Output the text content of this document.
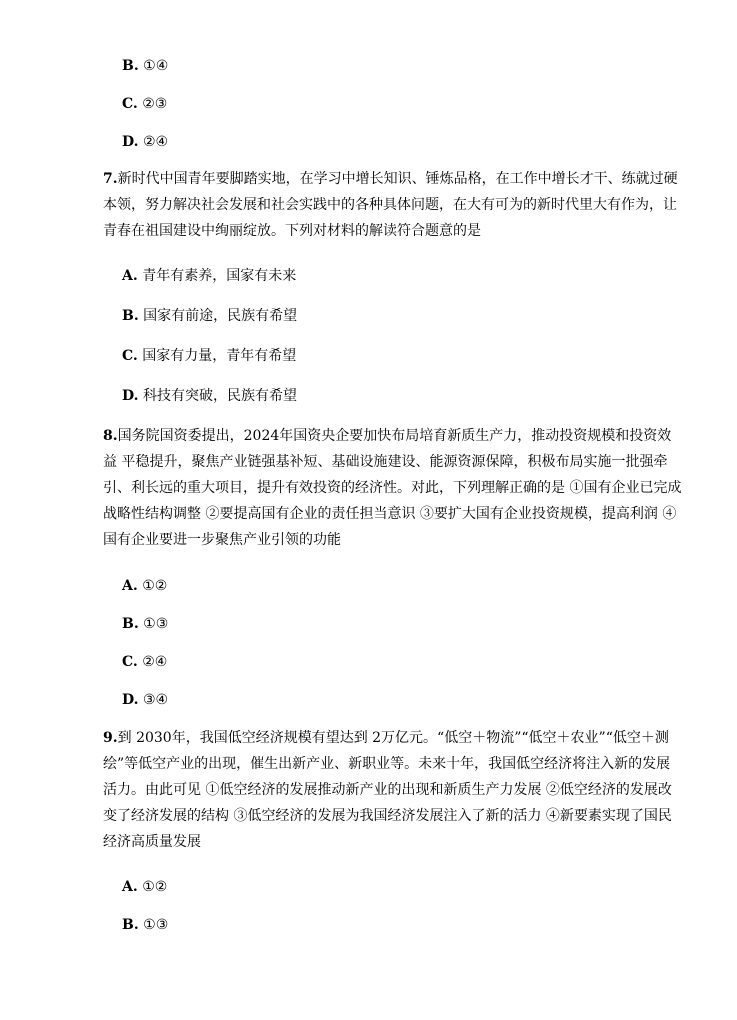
B. ①④
C. ②③
D. ②④
7.新时代中国青年要脚踏实地，在学习中增长知识、锤炼品格，在工作中增长才干、练就过硬本领，努力解决社会发展和社会实践中的各种具体问题，在大有可为的新时代里大有作为，让青春在祖国建设中绚丽绽放。下列对材料的解读符合题意的是
A. 青年有素养，国家有未来
B. 国家有前途，民族有希望
C. 国家有力量，青年有希望
D. 科技有突破，民族有希望
8.国务院国资委提出，2024年国资央企要加快布局培育新质生产力，推动投资规模和投资效益 平稳提升，聚焦产业链强基补短、基础设施建设、能源资源保障，积极布局实施一批强牵引、利长远的重大项目，提升有效投资的经济性。对此，下列理解正确的是 ①国有企业已完成战略性结构调整 ②要提高国有企业的责任担当意识 ③要扩大国有企业投资规模，提高利润 ④国有企业要进一步聚焦产业引领的功能
A. ①②
B. ①③
C. ②④
D. ③④
9.到 2030年，我国低空经济规模有望达到 2万亿元。“低空＋物流”“低空＋农业”“低空＋测绘”等低空产业的出现，催生出新产业、新职业等。未来十年，我国低空经济将注入新的发展活力。由此可见 ①低空经济的发展推动新产业的出现和新质生产力发展 ②低空经济的发展改变了经济发展的结构 ③低空经济的发展为我国经济发展注入了新的活力 ④新要素实现了国民经济高质量发展
A. ①②
B. ①③
